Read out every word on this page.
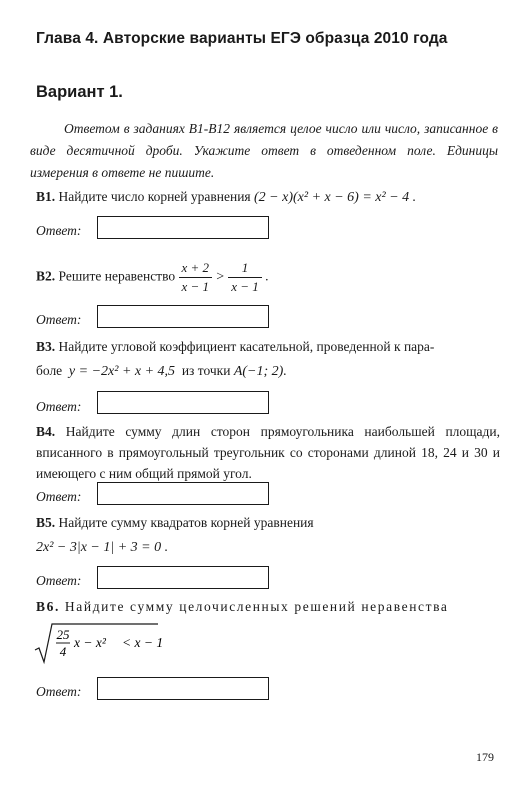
Глава 4. Авторские варианты ЕГЭ образца 2010 года
Вариант 1.
Ответом в заданиях B1-B12 является целое число или число, записанное в виде десятичной дроби. Укажите ответ в отведенном поле. Единицы измерения в ответе не пишите.
B1. Найдите число корней уравнения (2 − x)(x² + x − 6) = x² − 4 .
Ответ:
B2. Решите неравенство $\frac{x + 2}{x - 1} > \frac{1}{x - 1}$ .
Ответ:
B3. Найдите угловой коэффициент касательной, проведенной к пара-
боле y = −2x² + x + 4,5 из точки A(−1; 2).
Ответ:
B4. Найдите сумму длин сторон прямоугольника наибольшей площади, вписанного в прямоугольный треугольник со сторонами длиной 18, 24 и 30 и имеющего с ним общий прямой угол.
Ответ:
B5. Найдите сумму квадратов корней уравнения
2x² − 3|x − 1| + 3 = 0 .
Ответ:
B6. Найдите сумму целочисленных решений неравенства
25
4
x − x² < x − 1
Ответ:
179
